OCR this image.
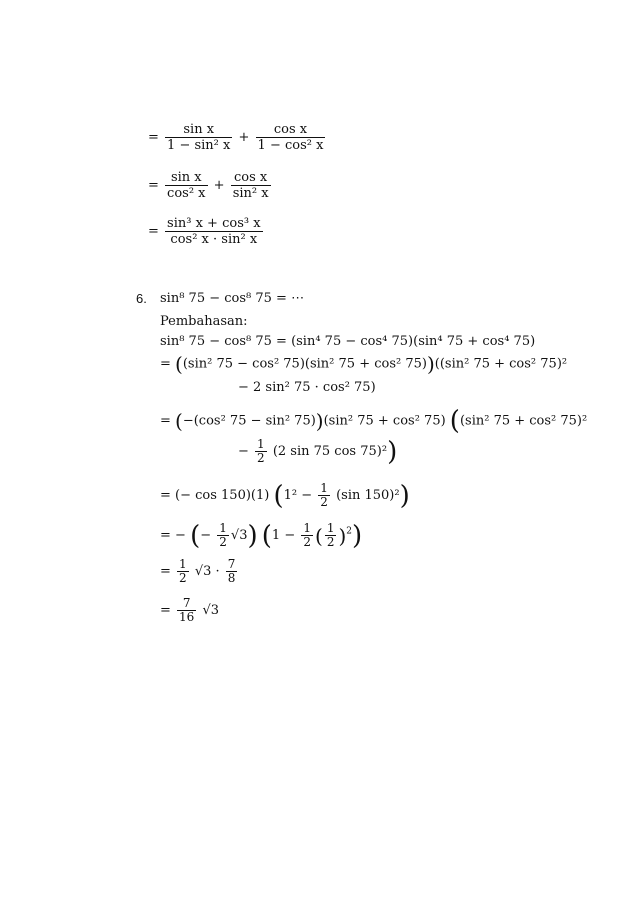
= $\frac{\text{sin x}}{\text{1 − sin² x}} + \frac{\text{cos x}}{\text{1 − cos² x}}$
= $\frac{\text{sin x}}{\text{cos² x}} + \frac{\text{cos x}}{\text{sin² x}}$
= $\frac{\text{sin³ x + cos³ x}}{\text{cos² x · sin² x}}$
6. sin⁸ 75 − cos⁸ 75 = ⋯
Pembahasan:
sin⁸ 75 − cos⁸ 75 = (sin⁴ 75 − cos⁴ 75)(sin⁴ 75 + cos⁴ 75)
= ((sin² 75 − cos² 75)(sin² 75 + cos² 75))((sin² 75 + cos² 75)²
− 2 sin² 75 · cos² 75)
= (−(cos² 75 − sin² 75))(sin² 75 + cos² 75) ((sin² 75 + cos² 75)²
− $\frac{1}{2} (2$ sin 75 cos 75)²)
= (− cos 150)(1) ($1^2 - \frac{1}{2} (\sin$ 150)²)
= − (− $\frac{1}{2} √3$) ($1 - \frac{1}{2}$ ( $\frac{1}{2} )^2$)
= $\frac{1}{2} √3 \cdot \frac{7}{8}$
= $\frac{7}{16} √3$
